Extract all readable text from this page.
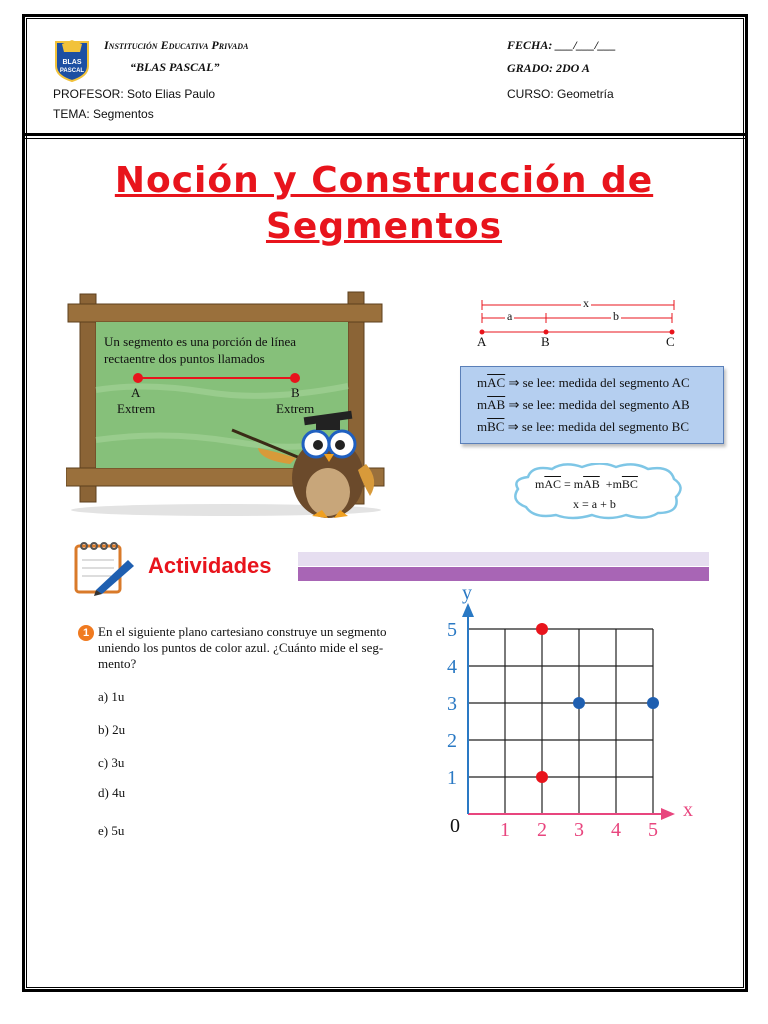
BLAS
PASCAL
Institución Educativa Privada
“BLAS PASCAL”
FECHA: ___/___/___
GRADO: 2DO A
PROFESOR: Soto Elias Paulo	CURSO: Geometría
TEMA: Segmentos
Noción y Construcción de
Segmentos
Un segmento es una porción de línea
rectaentre dos puntos llamados
A	B
Extrem	Extrem
x
a	b
A	B	C
$m\overline{AC}$ ⇒ se lee: medida del segmento AC
$m\overline{AB}$ ⇒ se lee: medida del segmento AB
$m\overline{BC}$ ⇒ se lee: medida del segmento BC
$m\overline{AC} = m\overline{AB} +m\overline{BC}$
x = a + b
Actividades
1 En el siguiente plano cartesiano construye un segmento
uniendo los puntos de color azul. ¿Cuánto mide el seg-
mento?
a) 1u
b) 2u
c) 3u
d) 4u
e) 5u
x
y
0 1 2 3 4 5
1
2
3
4
5
